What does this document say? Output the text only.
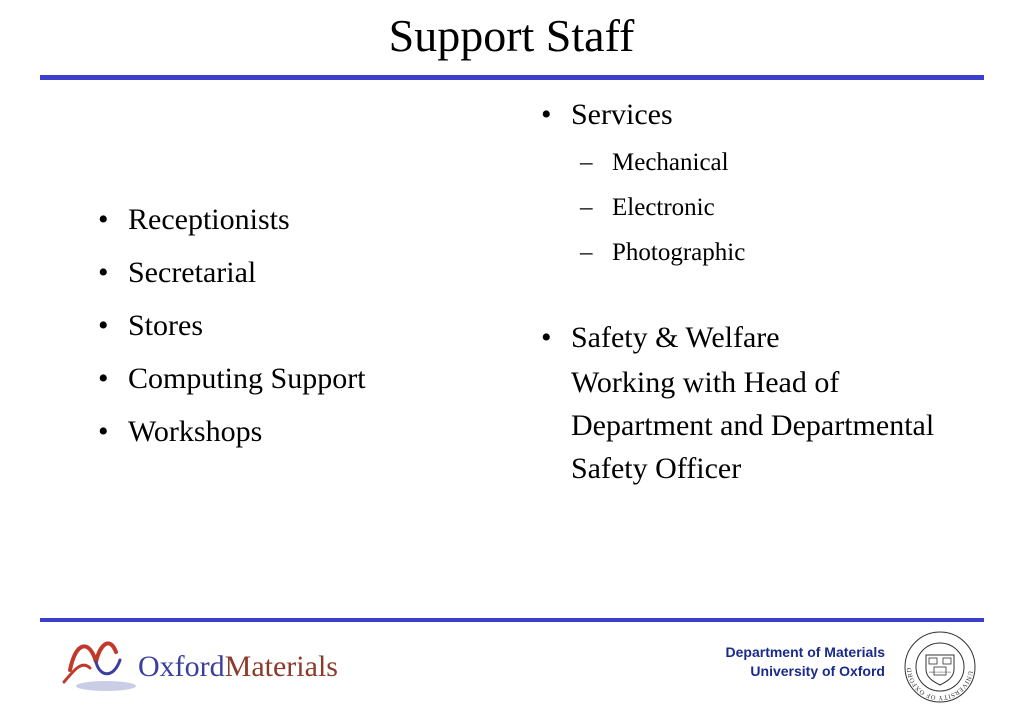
Support Staff
• Receptionists
• Secretarial
• Stores
• Computing Support
• Workshops
• Services
– Mechanical
– Electronic
– Photographic
• Safety & Welfare
Working with Head of Department and Departmental Safety Officer
OxfordMaterials	Department of Materials
University of Oxford	UNIVERSITY OF OXFORD
DOMINUS ILLUMINATIO MEA
